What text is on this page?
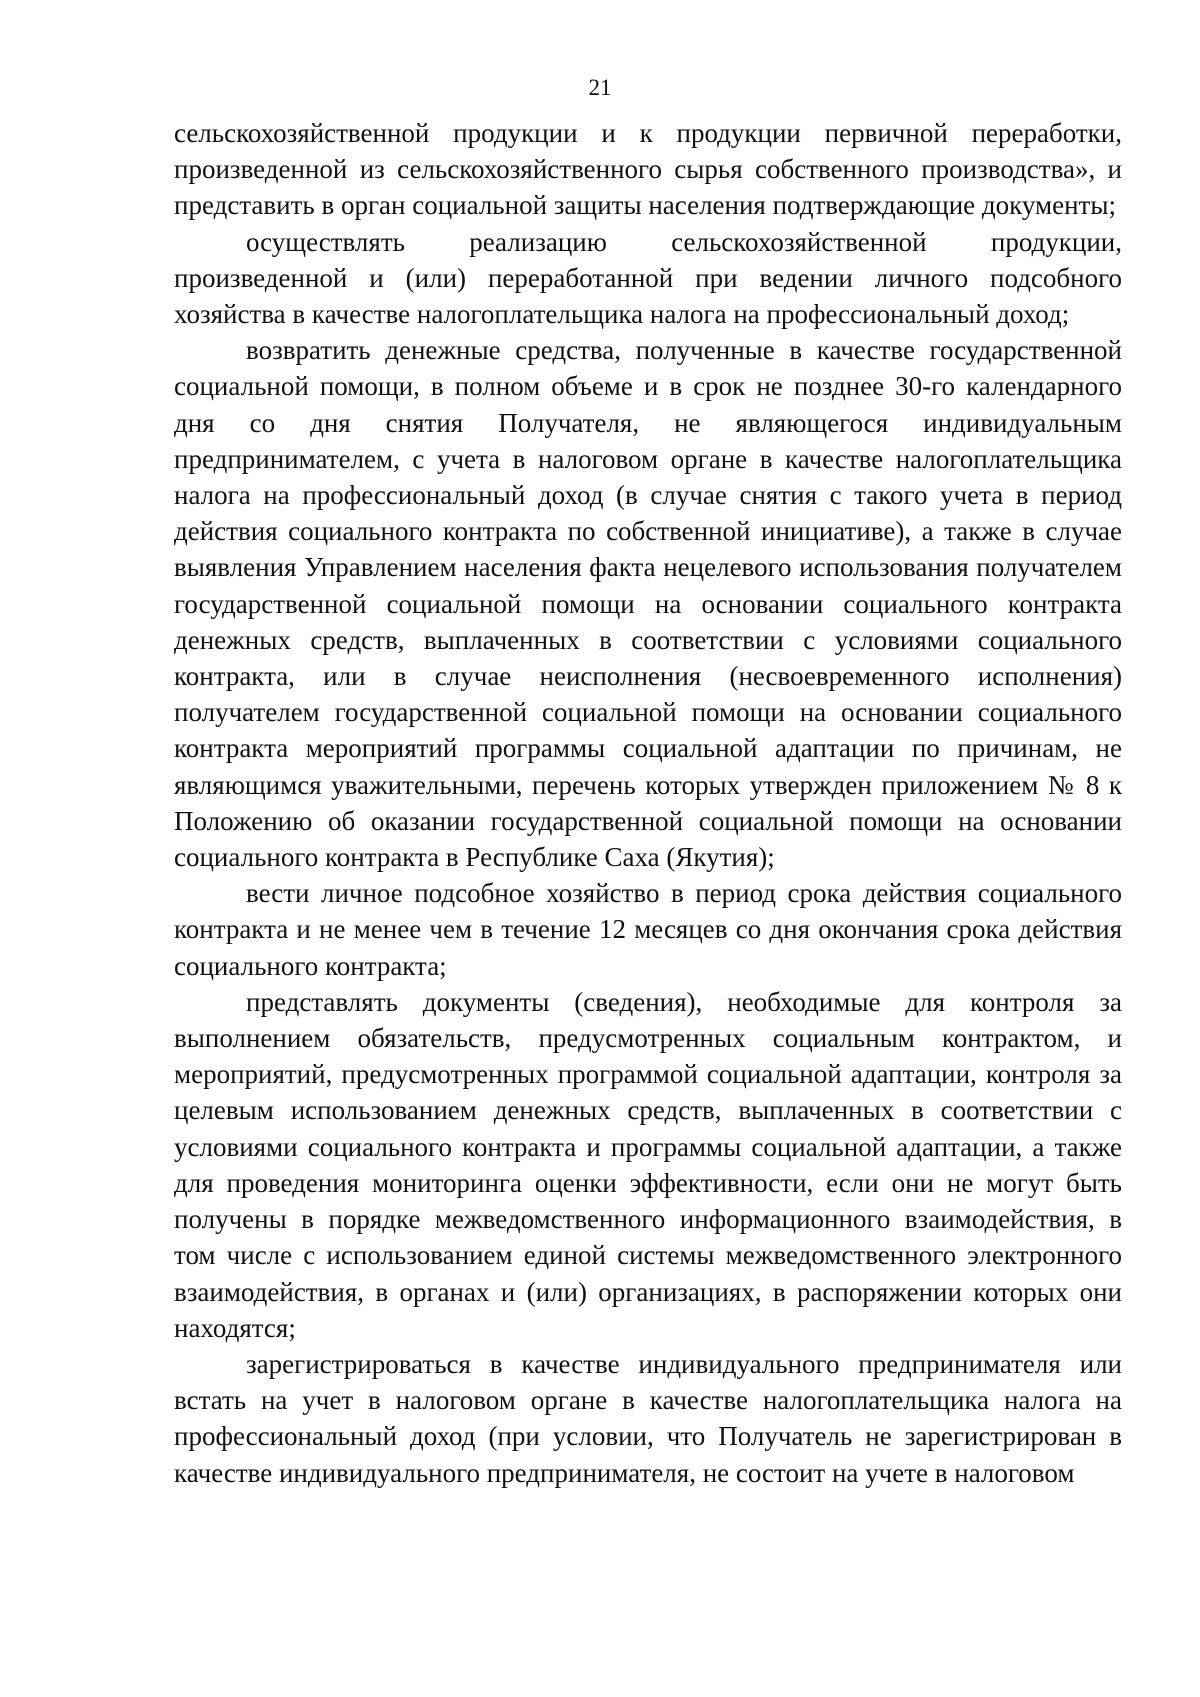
21

сельскохозяйственной продукции и к продукции первичной переработки, произведенной из сельскохозяйственного сырья собственного производства», и представить в орган социальной защиты населения подтверждающие документы;

осуществлять реализацию сельскохозяйственной продукции, произведенной и (или) переработанной при ведении личного подсобного хозяйства в качестве налогоплательщика налога на профессиональный доход;

возвратить денежные средства, полученные в качестве государственной социальной помощи, в полном объеме и в срок не позднее 30-го календарного дня со дня снятия Получателя, не являющегося индивидуальным предпринимателем, с учета в налоговом органе в качестве налогоплательщика налога на профессиональный доход (в случае снятия с такого учета в период действия социального контракта по собственной инициативе), а также в случае выявления Управлением населения факта нецелевого использования получателем государственной социальной помощи на основании социального контракта денежных средств, выплаченных в соответствии с условиями социального контракта, или в случае неисполнения (несвоевременного исполнения) получателем государственной социальной помощи на основании социального контракта мероприятий программы социальной адаптации по причинам, не являющимся уважительными, перечень которых утвержден приложением № 8 к Положению об оказании государственной социальной помощи на основании социального контракта в Республике Саха (Якутия);

вести личное подсобное хозяйство в период срока действия социального контракта и не менее чем в течение 12 месяцев со дня окончания срока действия социального контракта;

представлять документы (сведения), необходимые для контроля за выполнением обязательств, предусмотренных социальным контрактом, и мероприятий, предусмотренных программой социальной адаптации, контроля за целевым использованием денежных средств, выплаченных в соответствии с условиями социального контракта и программы социальной адаптации, а также для проведения мониторинга оценки эффективности, если они не могут быть получены в порядке межведомственного информационного взаимодействия, в том числе с использованием единой системы межведомственного электронного взаимодействия, в органах и (или) организациях, в распоряжении которых они находятся;

зарегистрироваться в качестве индивидуального предпринимателя или встать на учет в налоговом органе в качестве налогоплательщика налога на профессиональный доход (при условии, что Получатель не зарегистрирован в качестве индивидуального предпринимателя, не состоит на учете в налоговом
